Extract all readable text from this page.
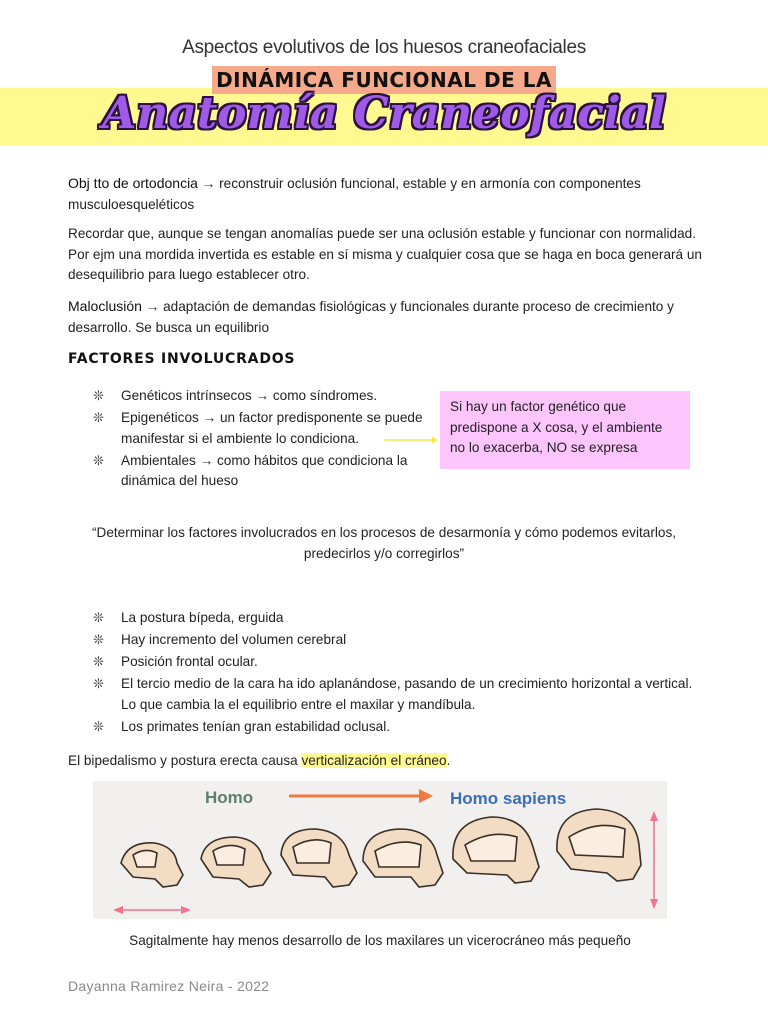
Aspectos evolutivos de los huesos craneofaciales
DINÁMICA FUNCIONAL DE LA
Anatomía Craneofacial

Obj tto de ortodoncia → reconstruir oclusión funcional, estable y en armonía con componentes musculoesqueléticos

Recordar que, aunque se tengan anomalías puede ser una oclusión estable y funcionar con normalidad. Por ejm una mordida invertida es estable en sí misma y cualquier cosa que se haga en boca generará un desequilibrio para luego establecer otro.

Maloclusión → adaptación de demandas fisiológicas y funcionales durante proceso de crecimiento y desarrollo. Se busca un equilibrio

FACTORES INVOLUCRADOS
❊ Genéticos intrínsecos → como síndromes.
❊ Epigenéticos → un factor predisponente se puede manifestar si el ambiente lo condiciona.
❊ Ambientales → como hábitos que condiciona la dinámica del hueso
Si hay un factor genético que predispone a X cosa, y el ambiente no lo exacerba, NO se expresa
“Determinar los factores involucrados en los procesos de desarmonía y cómo podemos evitarlos, predecirlos y/o corregirlos”
❊ La postura bípeda, erguida
❊ Hay incremento del volumen cerebral
❊ Posición frontal ocular.
❊ El tercio medio de la cara ha ido aplanándose, pasando de un crecimiento horizontal a vertical. Lo que cambia la el equilibrio entre el maxilar y mandíbula.
❊ Los primates tenían gran estabilidad oclusal.

El bipedalismo y postura erecta causa verticalización el cráneo.

Homo	Homo sapiens
Sagitalmente hay menos desarrollo de los maxilares un vicerocráneo más pequeño
Dayanna Ramirez Neira - 2022
